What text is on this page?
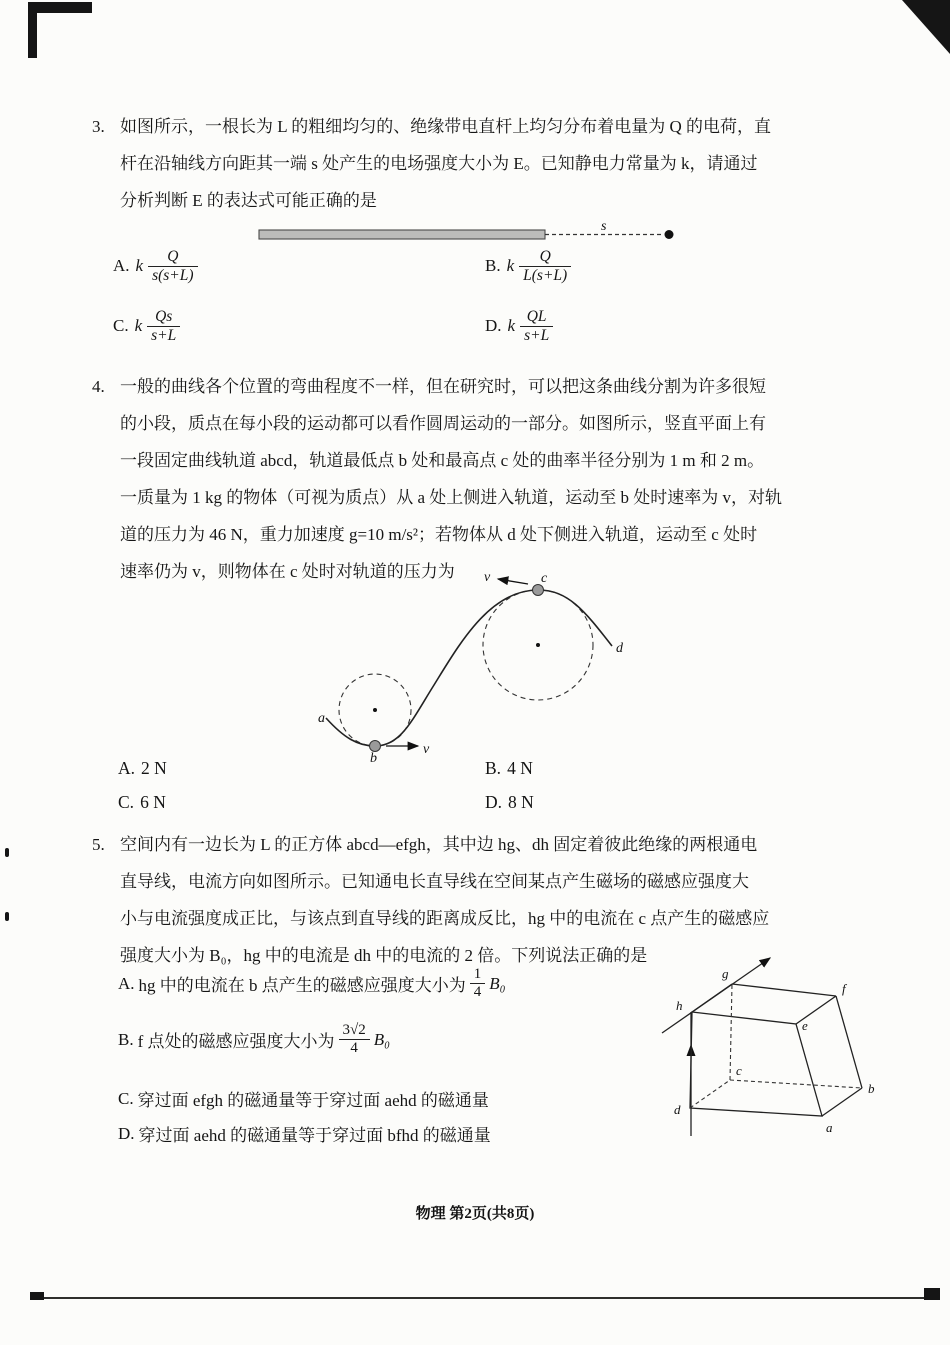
3. 如图所示，一根长为 L 的粗细均匀的、绝缘带电直杆上均匀分布着电量为 Q 的电荷，直
杆在沿轴线方向距其一端 s 处产生的电场强度大小为 E。已知静电力常量为 k，请通过
分析判断 E 的表达式可能正确的是
s
A. k $\frac{Q}{s(s+L)}$	B. k $\frac{Q}{L(s+L)}$
C. k $\frac{Qs}{s+L}$	D. k $\frac{QL}{s+L}$
4. 一般的曲线各个位置的弯曲程度不一样，但在研究时，可以把这条曲线分割为许多很短
的小段，质点在每小段的运动都可以看作圆周运动的一部分。如图所示，竖直平面上有
一段固定曲线轨道 abcd，轨道最低点 b 处和最高点 c 处的曲率半径分别为 1 m 和 2 m。
一质量为 1 kg 的物体（可视为质点）从 a 处上侧进入轨道，运动至 b 处时速率为 v，对轨
道的压力为 46 N，重力加速度 g=10 m/s²；若物体从 d 处下侧进入轨道，运动至 c 处时
速率仍为 v，则物体在 c 处时对轨道的压力为
a
b
c
d
v
v
A. 2 N	B. 4 N
C. 6 N	D. 8 N
5. 空间内有一边长为 L 的正方体 abcd—efgh，其中边 hg、dh 固定着彼此绝缘的两根通电
直导线，电流方向如图所示。已知通电长直导线在空间某点产生磁场的磁感应强度大
小与电流强度成正比，与该点到直导线的距离成反比，hg 中的电流在 c 点产生的磁感应
强度大小为 B₀，hg 中的电流是 dh 中的电流的 2 倍。下列说法正确的是
A. hg 中的电流在 b 点产生的磁感应强度大小为 $\frac{1}{4} B_0$
B. f 点处的磁感应强度大小为 $\frac{3√2}{4} B_0$
C. 穿过面 efgh 的磁通量等于穿过面 aehd 的磁通量
D. 穿过面 aehd 的磁通量等于穿过面 bfhd 的磁通量
g
h
f
e
c
d
a
b
物理 第2页(共8页)
